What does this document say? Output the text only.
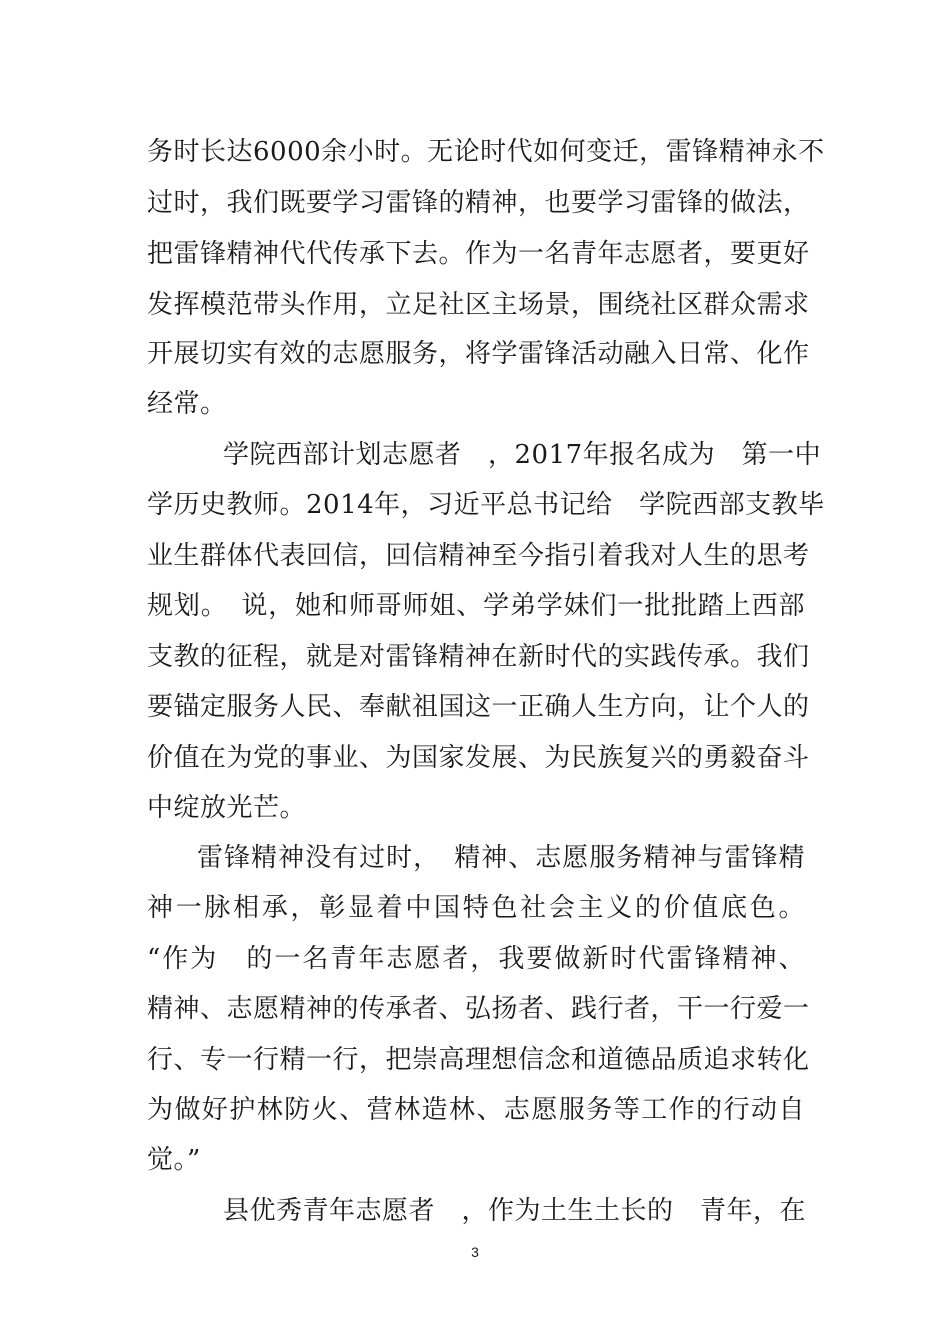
务时长达6000余小时。无论时代如何变迁，雷锋精神永不
过时，我们既要学习雷锋的精神，也要学习雷锋的做法，
把雷锋精神代代传承下去。作为一名青年志愿者，要更好
发挥模范带头作用，立足社区主场景，围绕社区群众需求
开展切实有效的志愿服务，将学雷锋活动融入日常、化作
经常。
学院西部计划志愿者　，2017年报名成为　第一中
学历史教师。2014年，习近平总书记给　学院西部支教毕
业生群体代表回信，回信精神至今指引着我对人生的思考
规划。　说，她和师哥师姐、学弟学妹们一批批踏上西部
支教的征程，就是对雷锋精神在新时代的实践传承。我们
要锚定服务人民、奉献祖国这一正确人生方向，让个人的
价值在为党的事业、为国家发展、为民族复兴的勇毅奋斗
中绽放光芒。
雷锋精神没有过时，　精神、志愿服务精神与雷锋精
神一脉相承，彰显着中国特色社会主义的价值底色。
“作为　的一名青年志愿者，我要做新时代雷锋精神、
精神、志愿精神的传承者、弘扬者、践行者，干一行爱一
行、专一行精一行，把崇高理想信念和道德品质追求转化
为做好护林防火、营林造林、志愿服务等工作的行动自
觉。”
县优秀青年志愿者　，作为土生土长的　青年，在
3
